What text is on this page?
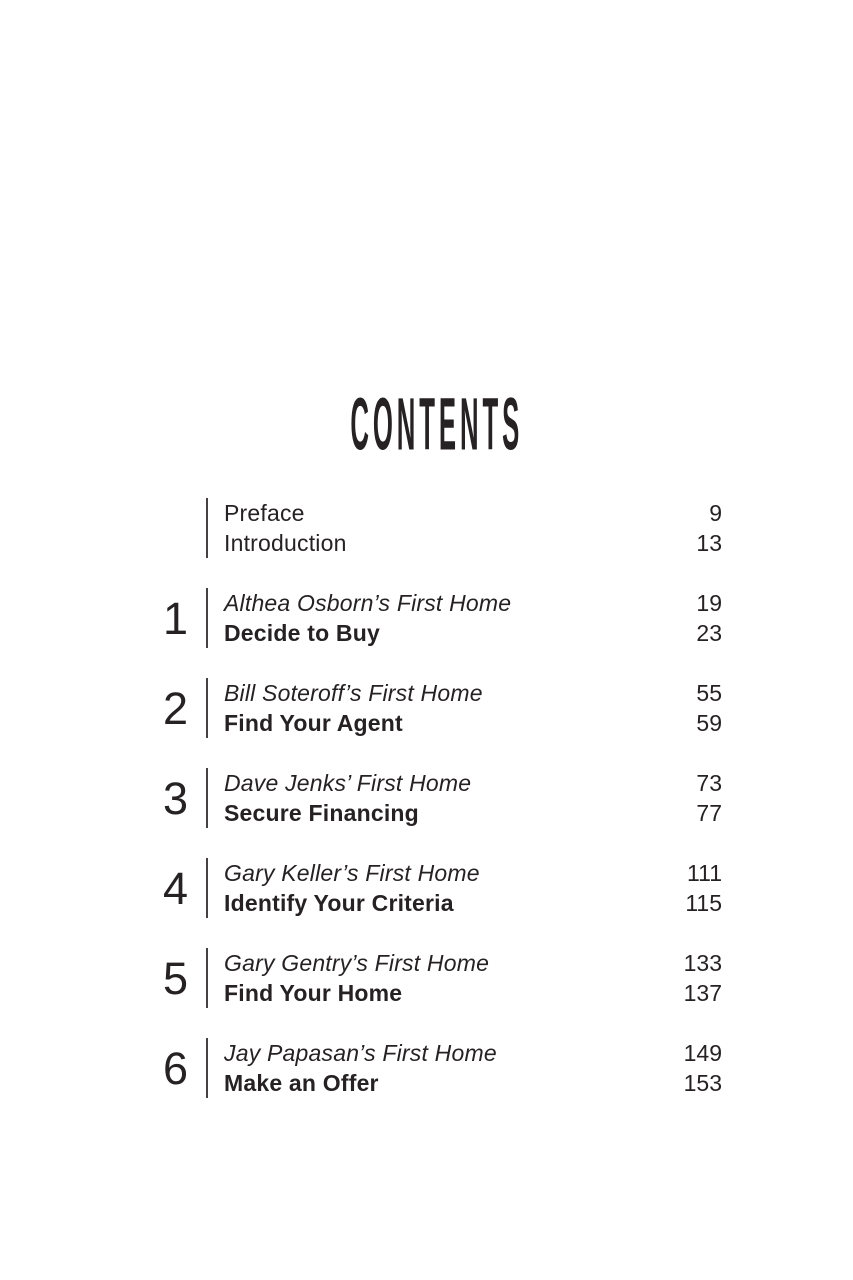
CONTENTS
Preface
Introduction
9
13
1 Althea Osborn’s First Home
Decide to Buy
19
23
2 Bill Soteroff’s First Home
Find Your Agent
55
59
3 Dave Jenks’ First Home
Secure Financing
73
77
4 Gary Keller’s First Home
Identify Your Criteria
111
115
5 Gary Gentry’s First Home
Find Your Home
133
137
6 Jay Papasan’s First Home
Make an Offer
149
153
